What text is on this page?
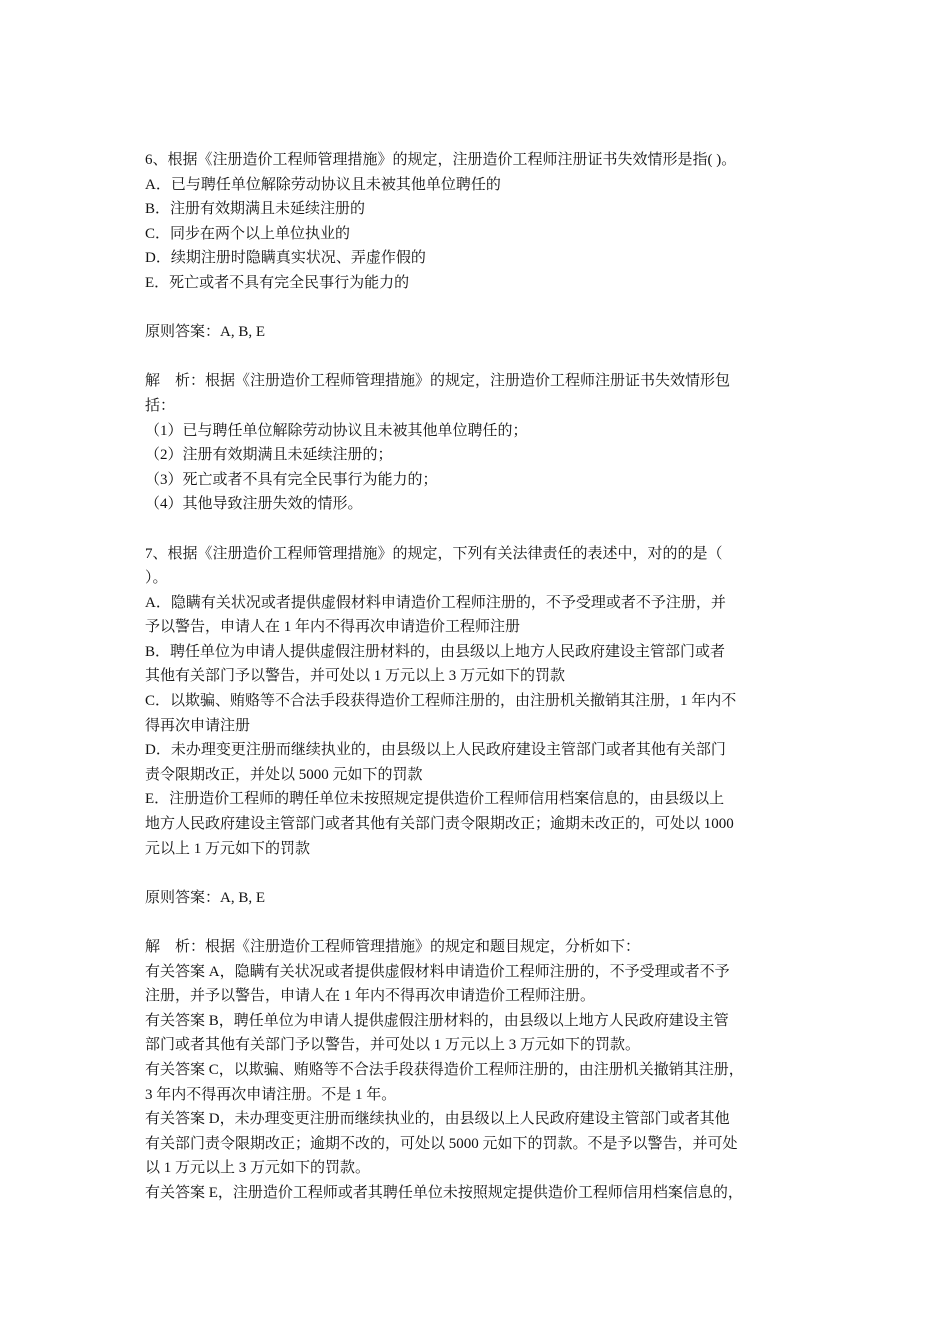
6、根据《注册造价工程师管理措施》的规定，注册造价工程师注册证书失效情形是指( )。
A．已与聘任单位解除劳动协议且未被其他单位聘任的
B．注册有效期满且未延续注册的
C．同步在两个以上单位执业的
D．续期注册时隐瞒真实状况、弄虚作假的
E．死亡或者不具有完全民事行为能力的
原则答案：A, B, E
解　析：根据《注册造价工程师管理措施》的规定，注册造价工程师注册证书失效情形包
括：
（1）已与聘任单位解除劳动协议且未被其他单位聘任的；
（2）注册有效期满且未延续注册的；
（3）死亡或者不具有完全民事行为能力的；
（4）其他导致注册失效的情形。
7、根据《注册造价工程师管理措施》的规定，下列有关法律责任的表述中，对的的是（
）。
A．隐瞒有关状况或者提供虚假材料申请造价工程师注册的，不予受理或者不予注册，并
予以警告，申请人在 1 年内不得再次申请造价工程师注册
B．聘任单位为申请人提供虚假注册材料的，由县级以上地方人民政府建设主管部门或者
其他有关部门予以警告，并可处以 1 万元以上 3 万元如下的罚款
C．以欺骗、贿赂等不合法手段获得造价工程师注册的，由注册机关撤销其注册，1 年内不
得再次申请注册
D．未办理变更注册而继续执业的，由县级以上人民政府建设主管部门或者其他有关部门
责令限期改正，并处以 5000 元如下的罚款
E．注册造价工程师的聘任单位未按照规定提供造价工程师信用档案信息的，由县级以上
地方人民政府建设主管部门或者其他有关部门责令限期改正；逾期未改正的，可处以 1000
元以上 1 万元如下的罚款
原则答案：A, B, E
解　析：根据《注册造价工程师管理措施》的规定和题目规定，分析如下：
有关答案 A，隐瞒有关状况或者提供虚假材料申请造价工程师注册的，不予受理或者不予
注册，并予以警告，申请人在 1 年内不得再次申请造价工程师注册。
有关答案 B，聘任单位为申请人提供虚假注册材料的，由县级以上地方人民政府建设主管
部门或者其他有关部门予以警告，并可处以 1 万元以上 3 万元如下的罚款。
有关答案 C，以欺骗、贿赂等不合法手段获得造价工程师注册的，由注册机关撤销其注册，
3 年内不得再次申请注册。不是 1 年。
有关答案 D，未办理变更注册而继续执业的，由县级以上人民政府建设主管部门或者其他
有关部门责令限期改正；逾期不改的，可处以 5000 元如下的罚款。不是予以警告，并可处
以 1 万元以上 3 万元如下的罚款。
有关答案 E，注册造价工程师或者其聘任单位未按照规定提供造价工程师信用档案信息的，
